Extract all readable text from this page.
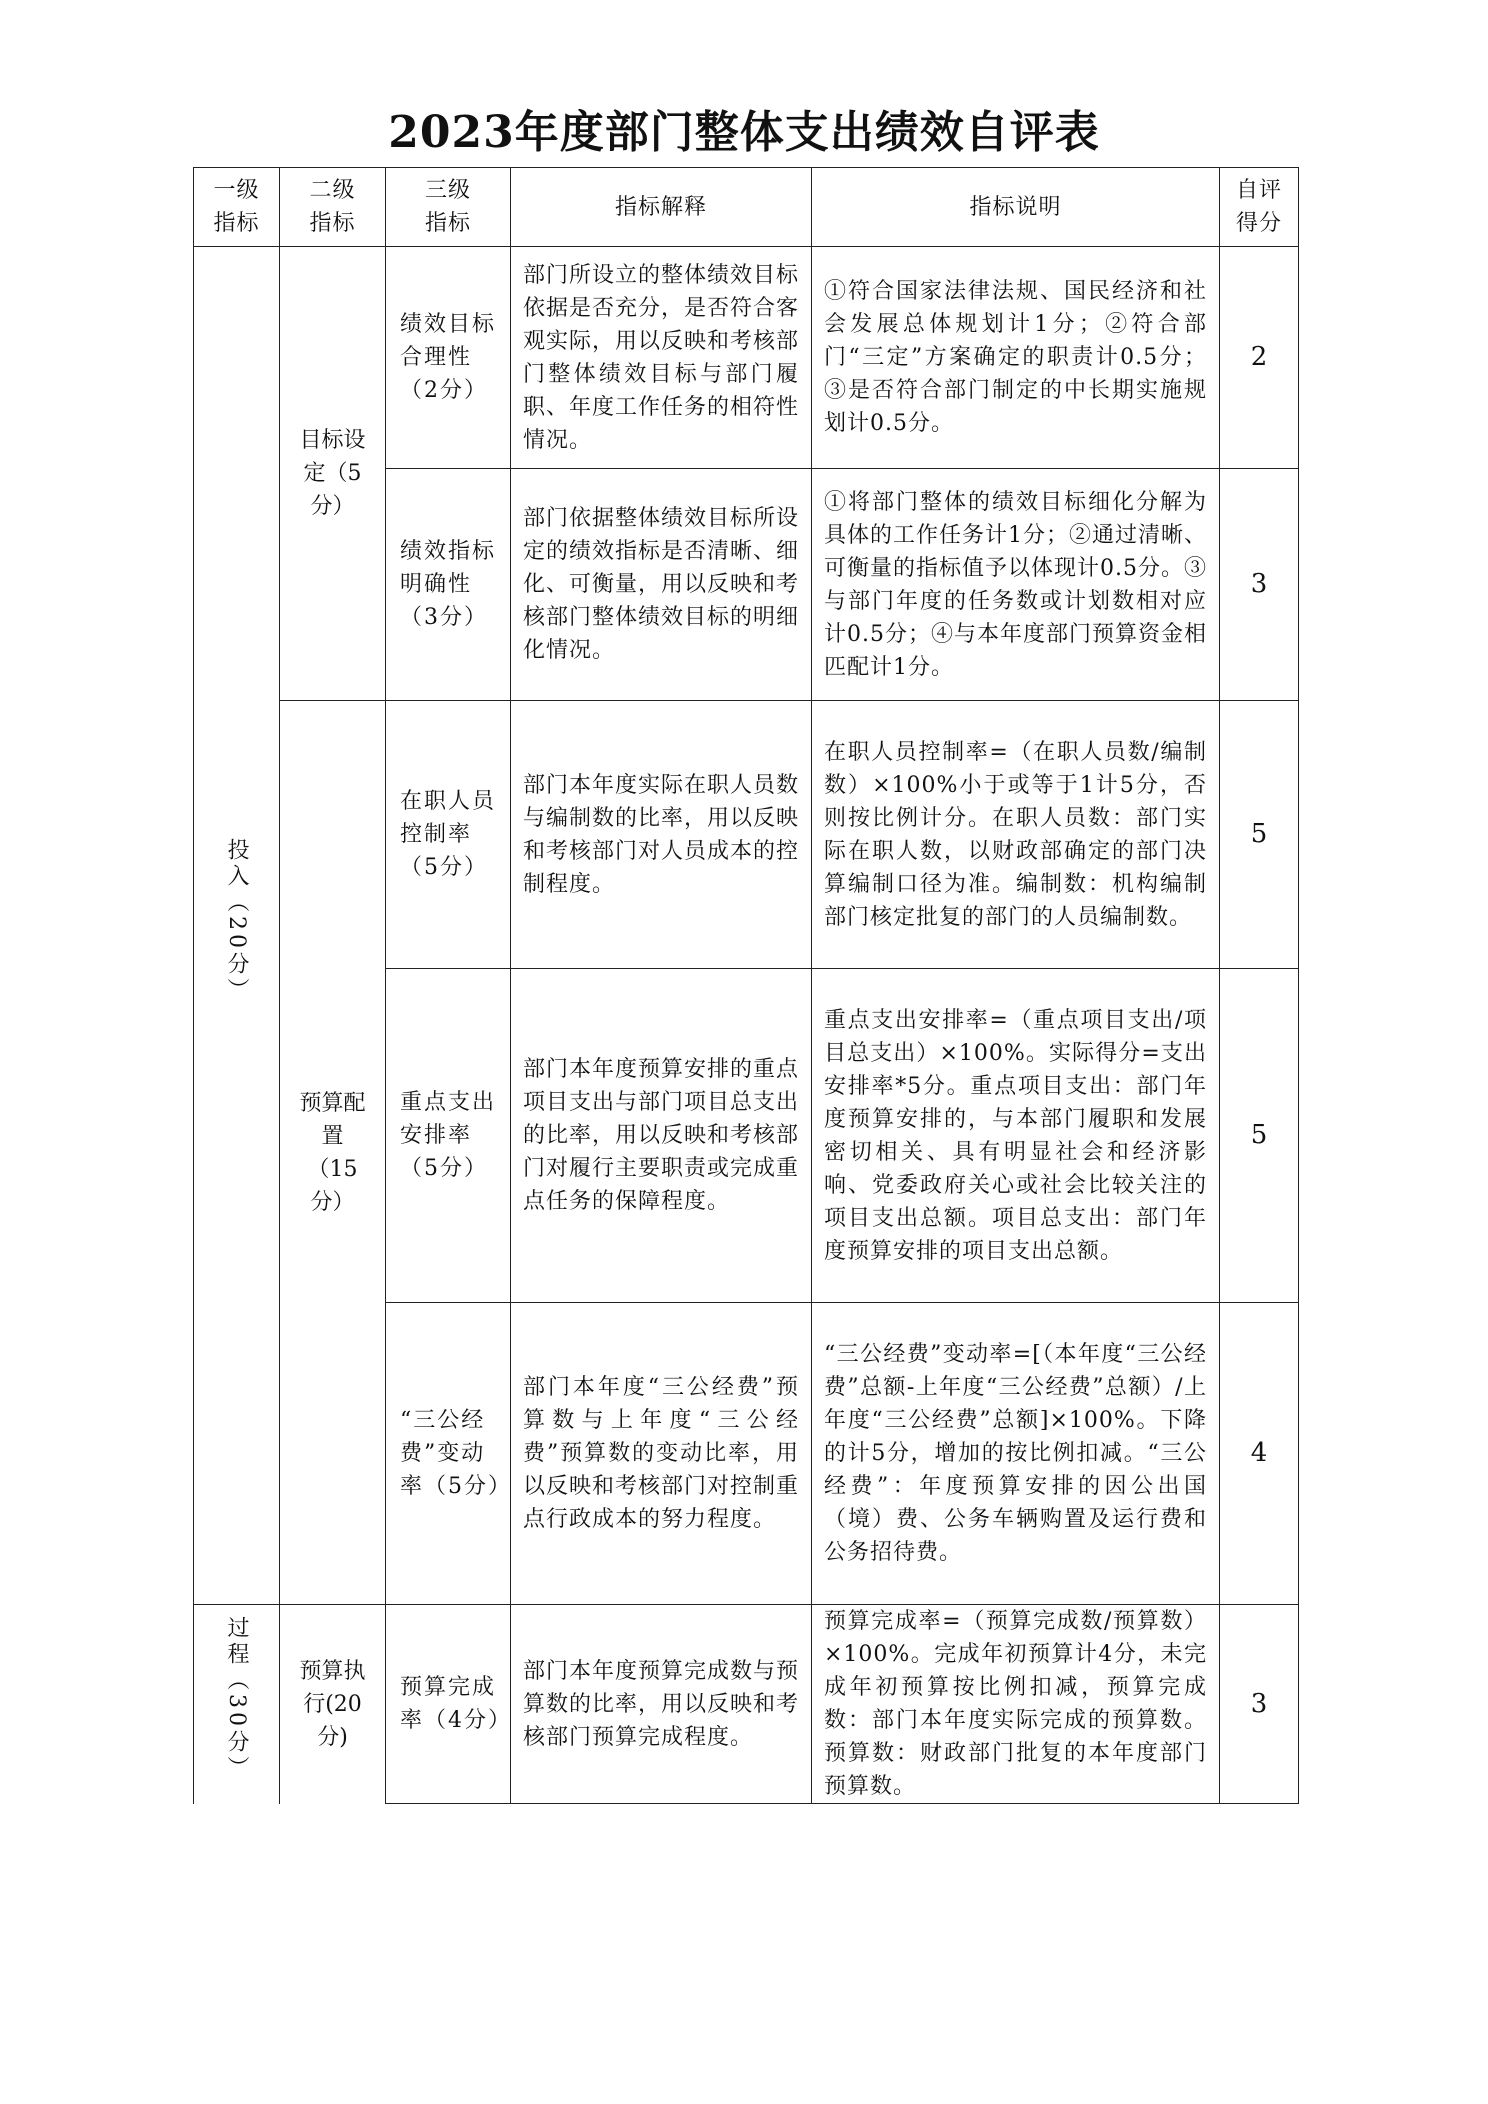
2023年度部门整体支出绩效自评表
一级指标	二级指标	三级指标	指标解释	指标说明	自评得分
投入（20分）	目标设定（5分）	绩效目标合理性（2分）	部门所设立的整体绩效目标依据是否充分，是否符合客观实际，用以反映和考核部门整体绩效目标与部门履职、年度工作任务的相符性情况。	①符合国家法律法规、国民经济和社会发展总体规划计1分；②符合部门“三定”方案确定的职责计0.5分；③是否符合部门制定的中长期实施规划计0.5分。	2
		绩效指标明确性（3分）	部门依据整体绩效目标所设定的绩效指标是否清晰、细化、可衡量，用以反映和考核部门整体绩效目标的明细化情况。	①将部门整体的绩效目标细化分解为具体的工作任务计1分；②通过清晰、可衡量的指标值予以体现计0.5分。③与部门年度的任务数或计划数相对应计0.5分；④与本年度部门预算资金相匹配计1分。	3
	预算配置（15分）	在职人员控制率（5分）	部门本年度实际在职人员数与编制数的比率，用以反映和考核部门对人员成本的控制程度。	在职人员控制率=（在职人员数/编制数）×100%小于或等于1计5分，否则按比例计分。在职人员数：部门实际在职人数，以财政部确定的部门决算编制口径为准。编制数：机构编制部门核定批复的部门的人员编制数。	5
		重点支出安排率（5分）	部门本年度预算安排的重点项目支出与部门项目总支出的比率，用以反映和考核部门对履行主要职责或完成重点任务的保障程度。	重点支出安排率=（重点项目支出/项目总支出）×100%。实际得分=支出安排率*5分。重点项目支出：部门年度预算安排的，与本部门履职和发展密切相关、具有明显社会和经济影响、党委政府关心或社会比较关注的项目支出总额。项目总支出：部门年度预算安排的项目支出总额。	5
		“三公经费”变动率（5分）	部门本年度“三公经费”预算数与上年度“三公经费”预算数的变动比率，用以反映和考核部门对控制重点行政成本的努力程度。	“三公经费”变动率=[（本年度“三公经费”总额-上年度“三公经费”总额）/上年度“三公经费”总额]×100%。下降的计5分，增加的按比例扣减。“三公经费”：年度预算安排的因公出国（境）费、公务车辆购置及运行费和公务招待费。	4
过程（30分）	预算执行(20分)	预算完成率（4分）	部门本年度预算完成数与预算数的比率，用以反映和考核部门预算完成程度。	预算完成率=（预算完成数/预算数）×100%。完成年初预算计4分，未完成年初预算按比例扣减，预算完成数：部门本年度实际完成的预算数。预算数：财政部门批复的本年度部门预算数。	3
